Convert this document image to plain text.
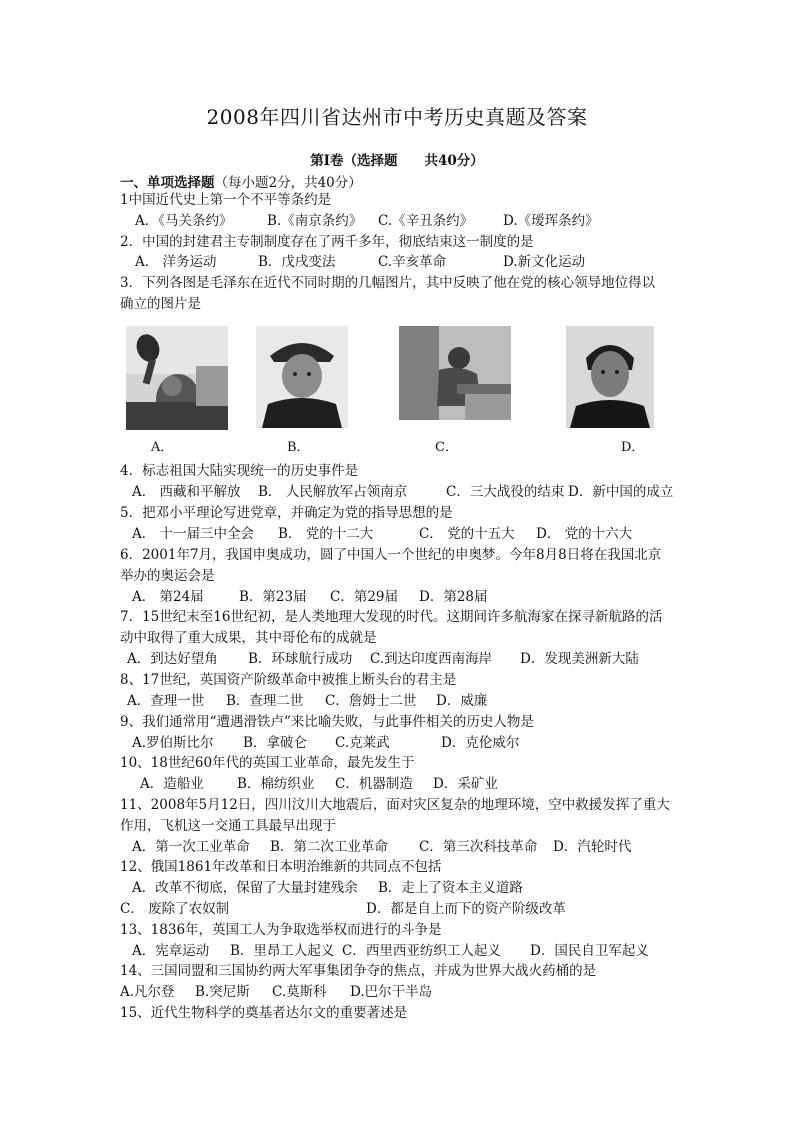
2008年四川省达州市中考历史真题及答案
第Ⅰ卷（选择题　　共40分）
一、单项选择题（每小题2分，共40分）
1中国近代史上第一个不平等条约是
A．《马关条约》	B.《南京条约》 C.《辛丑条约》 D.《瑷珲条约》
2．中国的封建君主专制制度存在了两千多年，彻底结束这一制度的是
A． 洋务运动	B．戊戌变法	C.辛亥革命	D.新文化运动
3．下列各图是毛泽东在近代不同时期的几幅图片，其中反映了他在党的核心领导地位得以
确立的图片是
A．	B．	C．	D．
4．标志祖国大陆实现统一的历史事件是
A． 西藏和平解放 B． 人民解放军占领南京	C．三大战役的结束 D．新中国的成立
5．把邓小平理论写进党章，并确定为党的指导思想的是
A． 十一届三中全会 B． 党的十二大	C． 党的十五大 D． 党的十六大
6．2001年7月，我国申奥成功，圆了中国人一个世纪的申奥梦。今年8月8日将在我国北京
举办的奥运会是
A． 第24届	B．第23届 C．第29届 D．第28届
7．15世纪末至16世纪初，是人类地理大发现的时代。这期间许多航海家在探寻新航路的活
动中取得了重大成果，其中哥伦布的成就是
A．到达好望角 B．环球航行成功 C.到达印度西南海岸 D．发现美洲新大陆
8、17世纪，英国资产阶级革命中被推上断头台的君主是
A．查理一世 B．查理二世 C．詹姆士二世 D．威廉
9、我们通常用“遭遇滑铁卢”来比喻失败，与此事件相关的历史人物是
A.罗伯斯比尔 B．拿破仑 C.克莱武	D．克伦威尔
10、18世纪60年代的英国工业革命，最先发生于
A．造船业 B．棉纺织业 C．机器制造 D．采矿业
11、2008年5月12日，四川汶川大地震后，面对灾区复杂的地理环境，空中救援发挥了重大
作用，飞机这一交通工具最早出现于
A．第一次工业革命 B．第二次工业革命 C．第三次科技革命 D．汽轮时代
12、俄国1861年改革和日本明治维新的共同点不包括
A．改革不彻底，保留了大量封建残余 B．走上了资本主义道路
C． 废除了农奴制	D．都是自上而下的资产阶级改革
13、1836年，英国工人为争取选举权而进行的斗争是
A．宪章运动 B．里昂工人起义 C．西里西亚纺织工人起义 D．国民自卫军起义
14、三国同盟和三国协约两大军事集团争夺的焦点，并成为世界大战火药桶的是
A.凡尔登 B.突尼斯 C.莫斯科 D.巴尔干半岛
15、近代生物科学的奠基者达尔文的重要著述是
